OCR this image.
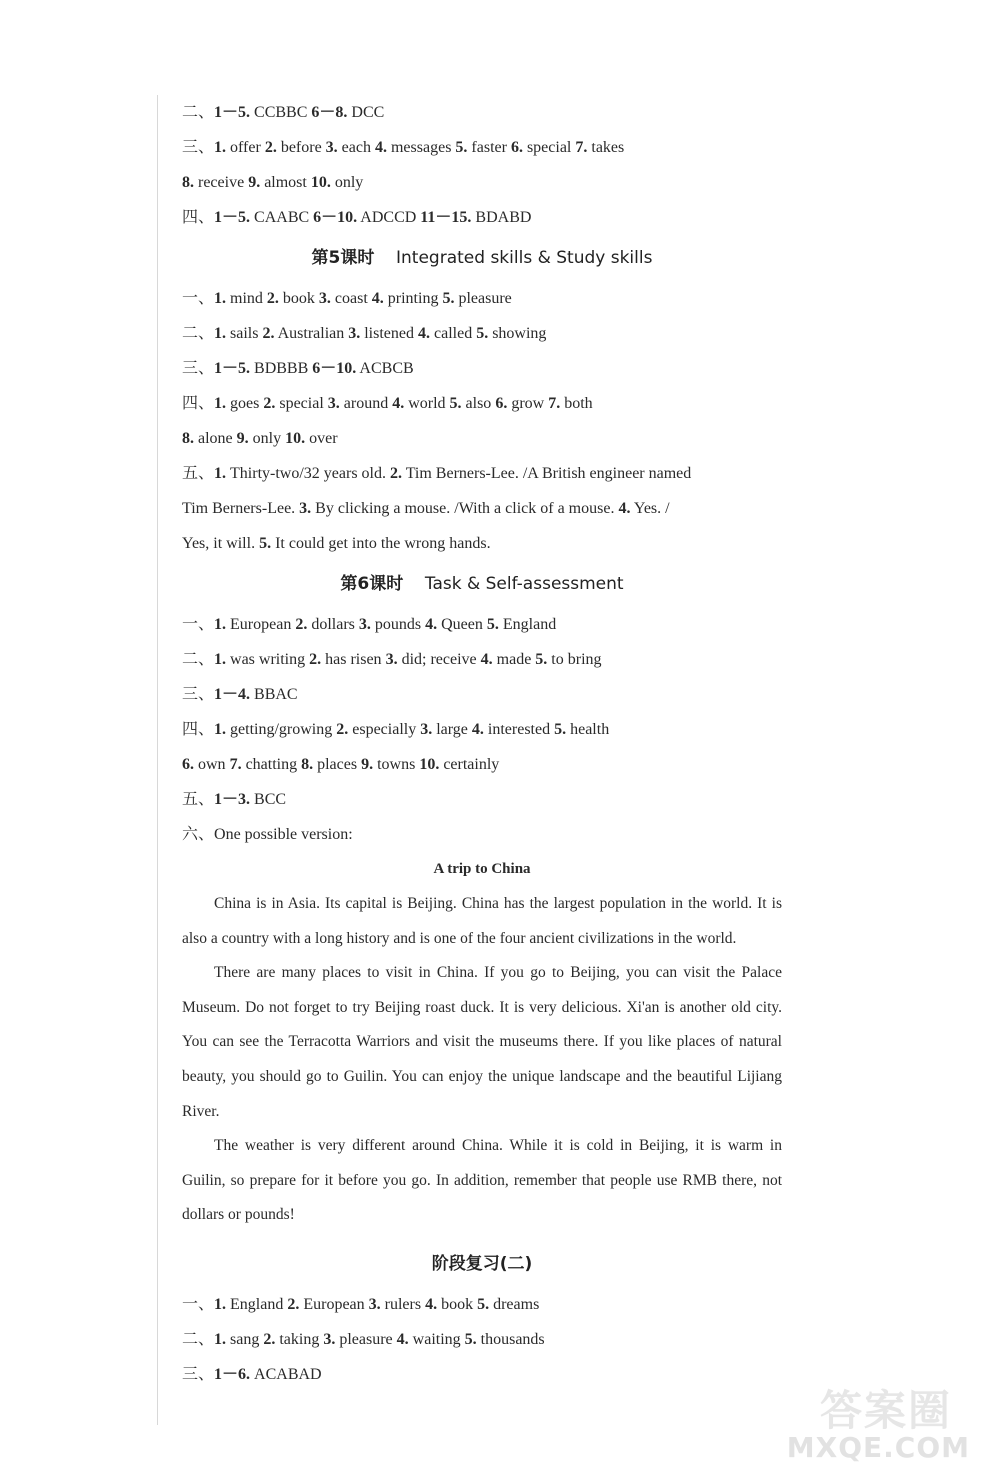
二、1－5. CCBBC 6－8. DCC
三、1. offer 2. before 3. each 4. messages 5. faster 6. special 7. takes
8. receive 9. almost 10. only
四、1－5. CAABC 6－10. ADCCD 11－15. BDABD
第5课时 Integrated skills & Study skills
一、1. mind 2. book 3. coast 4. printing 5. pleasure
二、1. sails 2. Australian 3. listened 4. called 5. showing
三、1－5. BDBBB 6－10. ACBCB
四、1. goes 2. special 3. around 4. world 5. also 6. grow 7. both
8. alone 9. only 10. over
五、1. Thirty-two/32 years old. 2. Tim Berners-Lee. /A British engineer named
Tim Berners-Lee. 3. By clicking a mouse. /With a click of a mouse. 4. Yes. /
Yes, it will. 5. It could get into the wrong hands.
第6课时 Task & Self-assessment
一、1. European 2. dollars 3. pounds 4. Queen 5. England
二、1. was writing 2. has risen 3. did; receive 4. made 5. to bring
三、1－4. BBAC
四、1. getting/growing 2. especially 3. large 4. interested 5. health
6. own 7. chatting 8. places 9. towns 10. certainly
五、1－3. BCC
六、One possible version:
A trip to China

China is in Asia. Its capital is Beijing. China has the largest population in the world. It is also a country with a long history and is one of the four ancient civilizations in the world.

There are many places to visit in China. If you go to Beijing, you can visit the Palace Museum. Do not forget to try Beijing roast duck. It is very delicious. Xi'an is another old city. You can see the Terracotta Warriors and visit the museums there. If you like places of natural beauty, you should go to Guilin. You can enjoy the unique landscape and the beautiful Lijiang River.

The weather is very different around China. While it is cold in Beijing, it is warm in Guilin, so prepare for it before you go. In addition, remember that people use RMB there, not dollars or pounds!

阶段复习(二)
一、1. England 2. European 3. rulers 4. book 5. dreams
二、1. sang 2. taking 3. pleasure 4. waiting 5. thousands
三、1－6. ACABAD
答案圈
MXQE.COM
